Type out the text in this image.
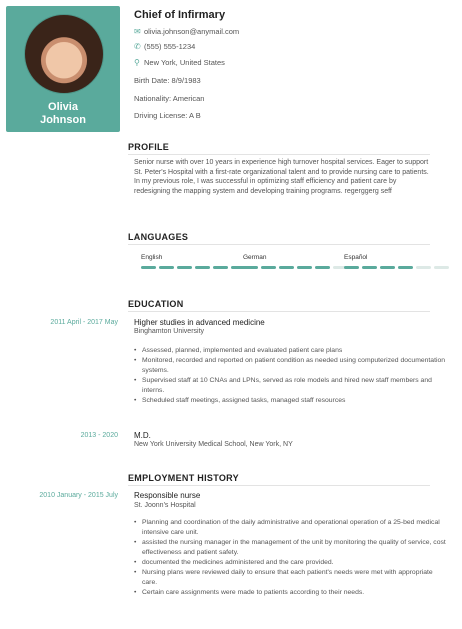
Olivia
Johnson
Chief of Infirmary
✉ olivia.johnson@anymail.com
✆ (555) 555-1234
⚲ New York, United States
Birth Date: 8/9/1983
Nationality: American
Driving License: A B
PROFILE
Senior nurse with over 10 years in experience high turnover hospital services. Eager to support St. Peter's Hospital with a first-rate organizational talent and to provide nursing care to patients. In my previous role, I was successful in optimizing staff efficiency and patient care by redesigning the mapping system and developing training programs. regerggerg seff
LANGUAGES
English	German	Español
EDUCATION
2011 April - 2017 May Higher studies in advanced medicine
Binghamton University
• Assessed, planned, implemented and evaluated patient care plans
• Monitored, recorded and reported on patient condition as needed using computerized documentation systems.
• Supervised staff at 10 CNAs and LPNs, served as role models and hired new staff members and interns.
• Scheduled staff meetings, assigned tasks, managed staff resources
2013 - 2020 M.D.
New York University Medical School, New York, NY
EMPLOYMENT HISTORY
2010 January - 2015 July Responsible nurse
St. Joonn's Hospital
• Planning and coordination of the daily administrative and operational operation of a 25-bed medical intensive care unit.
• assisted the nursing manager in the management of the unit by monitoring the quality of service, cost effectiveness and patient safety.
• documented the medicines administered and the care provided.
• Nursing plans were reviewed daily to ensure that each patient's needs were met with appropriate care.
• Certain care assignments were made to patients according to their needs.
